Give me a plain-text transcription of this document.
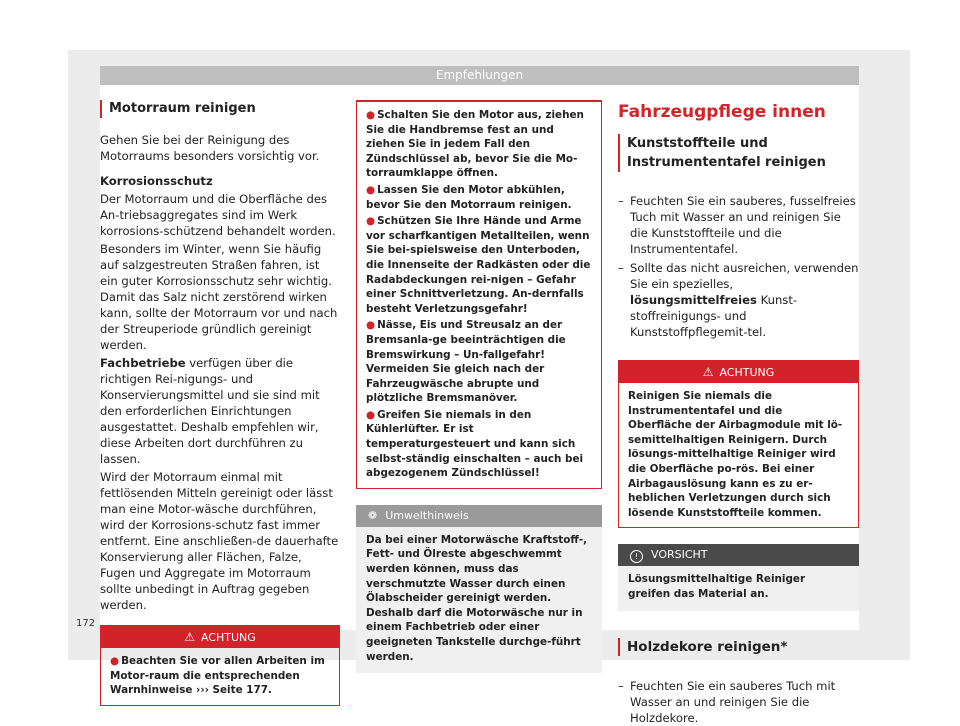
Empfehlungen
Motorraum reinigen

Gehen Sie bei der Reinigung des Motorraums besonders vorsichtig vor.

Korrosionsschutz

Der Motorraum und die Oberfläche des An-triebsaggregates sind im Werk korrosions-schützend behandelt worden.

Besonders im Winter, wenn Sie häufig auf salzgestreuten Straßen fahren, ist ein guter Korrosionsschutz sehr wichtig. Damit das Salz nicht zerstörend wirken kann, sollte der Motorraum vor und nach der Streuperiode gründlich gereinigt werden.

Fachbetriebe verfügen über die richtigen Rei-nigungs- und Konservierungsmittel und sie sind mit den erforderlichen Einrichtungen ausgestattet. Deshalb empfehlen wir, diese Arbeiten dort durchführen zu lassen.

Wird der Motorraum einmal mit fettlösenden Mitteln gereinigt oder lässt man eine Motor-wäsche durchführen, wird der Korrosions-schutz fast immer entfernt. Eine anschließen-de dauerhafte Konservierung aller Flächen, Falze, Fugen und Aggregate im Motorraum sollte unbedingt in Auftrag gegeben werden.

⚠ ACHTUNG

● Beachten Sie vor allen Arbeiten im Motor-raum die entsprechenden Warnhinweise ››› Seite 177.

● Schalten Sie den Motor aus, ziehen Sie die Handbremse fest an und ziehen Sie in jedem Fall den Zündschlüssel ab, bevor Sie die Mo-torraumklappe öffnen.

● Lassen Sie den Motor abkühlen, bevor Sie den Motorraum reinigen.

● Schützen Sie Ihre Hände und Arme vor scharfkantigen Metallteilen, wenn Sie bei-spielsweise den Unterboden, die Innenseite der Radkästen oder die Radabdeckungen rei-nigen – Gefahr einer Schnittverletzung. An-dernfalls besteht Verletzungsgefahr!

● Nässe, Eis und Streusalz an der Bremsanla-ge beeinträchtigen die Bremswirkung – Un-fallgefahr! Vermeiden Sie gleich nach der Fahrzeugwäsche abrupte und plötzliche Bremsmanöver.

● Greifen Sie niemals in den Kühlerlüfter. Er ist temperaturgesteuert und kann sich selbst-ständig einschalten – auch bei abgezogenem Zündschlüssel!

❁ Umwelthinweis

Da bei einer Motorwäsche Kraftstoff-, Fett- und Ölreste abgeschwemmt werden können, muss das verschmutzte Wasser durch einen Ölabscheider gereinigt werden. Deshalb darf die Motorwäsche nur in einem Fachbetrieb oder einer geeigneten Tankstelle durchge-führt werden.

Fahrzeugpflege innen
Kunststoffteile und Instrumententafel reinigen
– Feuchten Sie ein sauberes, fusselfreies Tuch mit Wasser an und reinigen Sie die Kunststoffteile und die Instrumententafel.
– Sollte das nicht ausreichen, verwenden Sie ein spezielles, lösungsmittelfreies Kunst-stoffreinigungs- und Kunststoffpflegemit-tel.
⚠ ACHTUNG

Reinigen Sie niemals die Instrumententafel und die Oberfläche der Airbagmodule mit lö-semittelhaltigen Reinigern. Durch lösungs-mittelhaltige Reiniger wird die Oberfläche po-rös. Bei einer Airbagauslösung kann es zu er-heblichen Verletzungen durch sich lösende Kunststoffteile kommen.

! VORSICHT

Lösungsmittelhaltige Reiniger greifen das Material an.

Holzdekore reinigen*
– Feuchten Sie ein sauberes Tuch mit Wasser an und reinigen Sie die Holzdekore.
172
